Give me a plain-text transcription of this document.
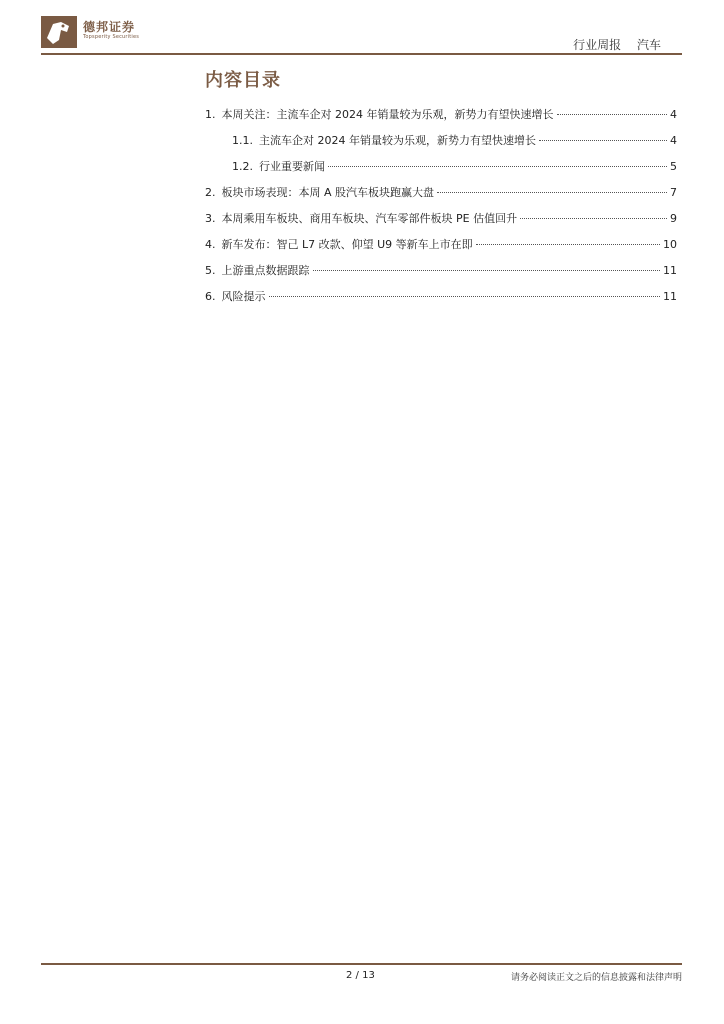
德邦证券
Topsperity Securities
行业周报 汽车
内容目录
1. 本周关注：主流车企对 2024 年销量较为乐观，新势力有望快速增长	4
1.1. 主流车企对 2024 年销量较为乐观，新势力有望快速增长	4
1.2. 行业重要新闻	5
2. 板块市场表现：本周 A 股汽车板块跑赢大盘	7
3. 本周乘用车板块、商用车板块、汽车零部件板块 PE 估值回升	9
4. 新车发布：智己 L7 改款、仰望 U9 等新车上市在即	10
5. 上游重点数据跟踪	11
6. 风险提示	11
2 / 13	请务必阅读正文之后的信息披露和法律声明
